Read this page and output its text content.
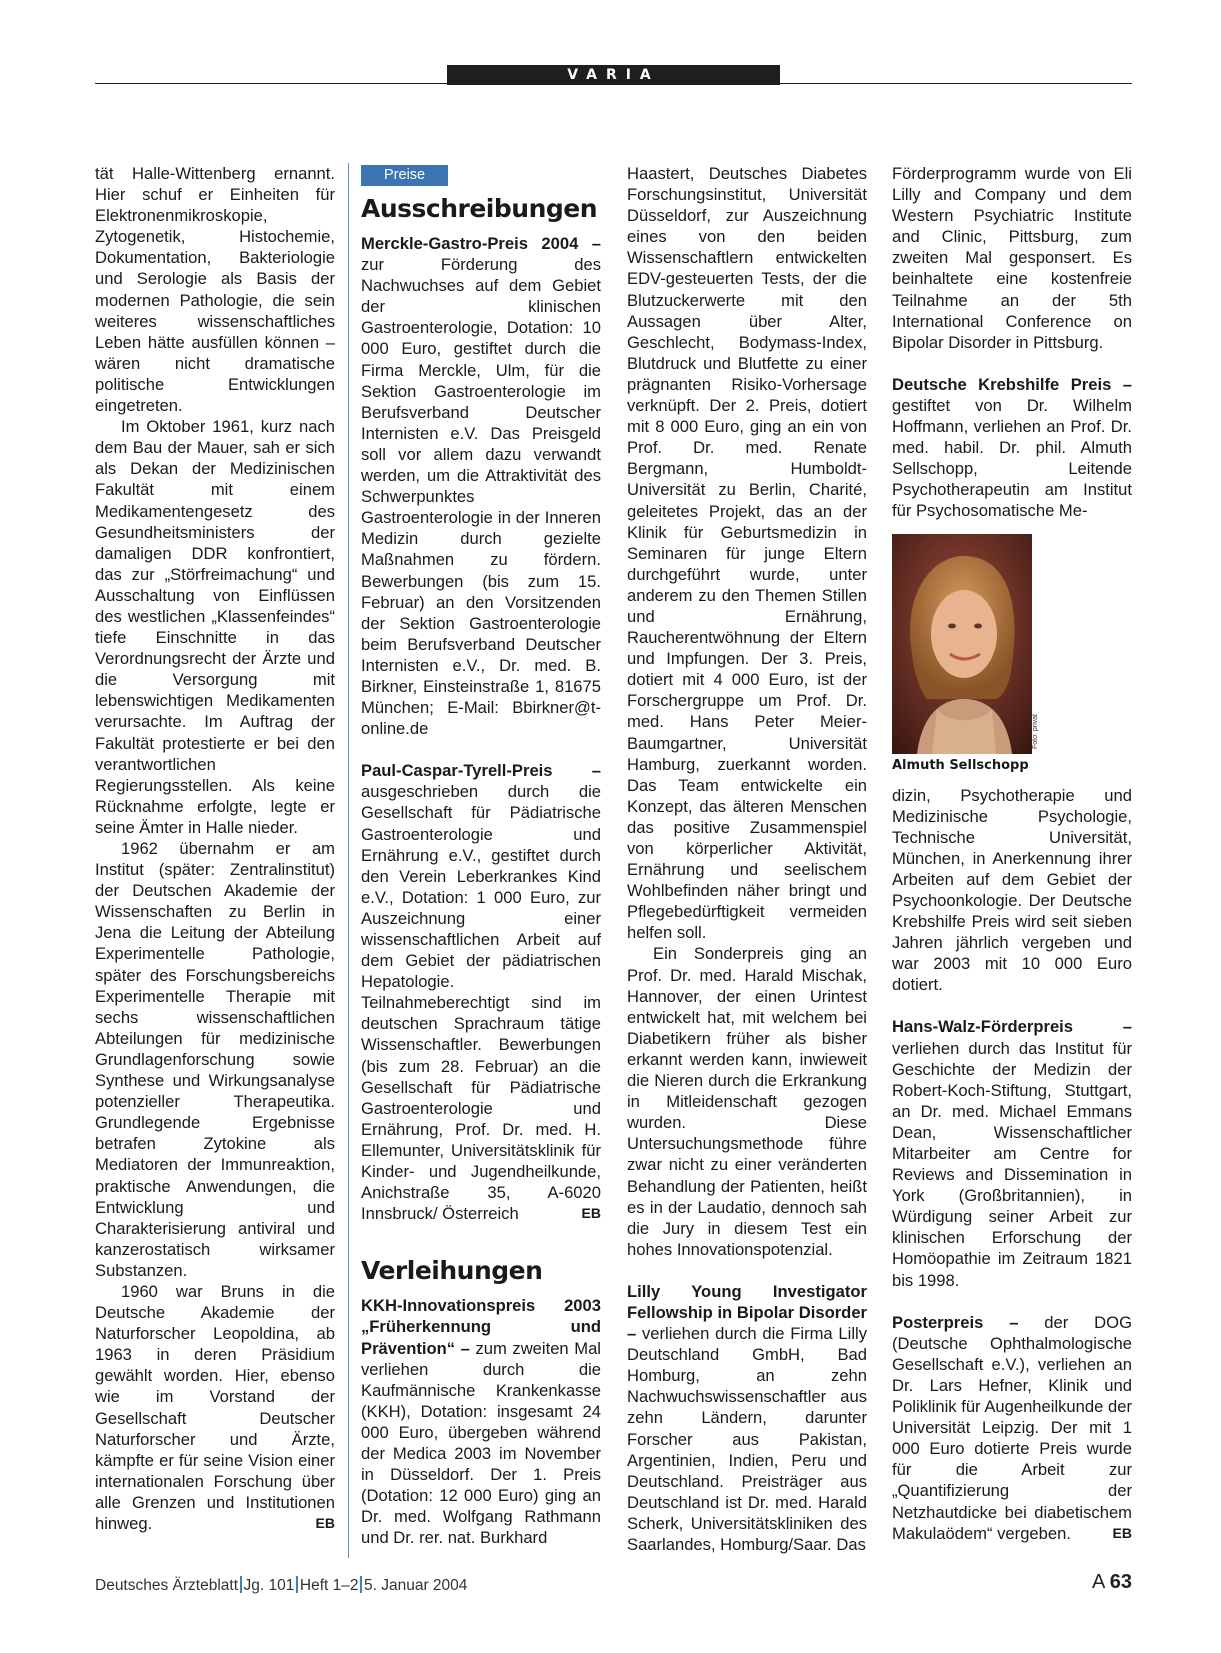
VARIA

tät Halle-Wittenberg ernannt. Hier schuf er Einheiten für Elektronenmikroskopie, Zytogenetik, Histochemie, Dokumentation, Bakteriologie und Serologie als Basis der modernen Pathologie, die sein weiteres wissenschaftliches Leben hätte ausfüllen können – wären nicht dramatische politische Entwicklungen eingetreten.

Im Oktober 1961, kurz nach dem Bau der Mauer, sah er sich als Dekan der Medizinischen Fakultät mit einem Medikamentengesetz des Gesundheitsministers der damaligen DDR konfrontiert, das zur „Störfreimachung“ und Ausschaltung von Einflüssen des westlichen „Klassenfeindes“ tiefe Einschnitte in das Verordnungsrecht der Ärzte und die Versorgung mit lebenswichtigen Medikamenten verursachte. Im Auftrag der Fakultät protestierte er bei den verantwortlichen Regierungsstellen. Als keine Rücknahme erfolgte, legte er seine Ämter in Halle nieder.

1962 übernahm er am Institut (später: Zentralinstitut) der Deutschen Akademie der Wissenschaften zu Berlin in Jena die Leitung der Abteilung Experimentelle Pathologie, später des Forschungsbereichs Experimentelle Therapie mit sechs wissenschaftlichen Abteilungen für medizinische Grundlagenforschung sowie Synthese und Wirkungsanalyse potenzieller Therapeutika. Grundlegende Ergebnisse betrafen Zytokine als Mediatoren der Immunreaktion, praktische Anwendungen, die Entwicklung und Charakterisierung antiviral und kanzerostatisch wirksamer Substanzen.

1960 war Bruns in die Deutsche Akademie der Naturforscher Leopoldina, ab 1963 in deren Präsidium gewählt worden. Hier, ebenso wie im Vorstand der Gesellschaft Deutscher Naturforscher und Ärzte, kämpfte er für seine Vision einer internationalen Forschung über alle Grenzen und Institutionen hinweg.	EB

Preise
Ausschreibungen

Merckle-Gastro-Preis 2004 – zur Förderung des Nachwuchses auf dem Gebiet der klinischen Gastroenterologie, Dotation: 10 000 Euro, gestiftet durch die Firma Merckle, Ulm, für die Sektion Gastroenterologie im Berufsverband Deutscher Internisten e.V. Das Preisgeld soll vor allem dazu verwandt werden, um die Attraktivität des Schwerpunktes Gastroenterologie in der Inneren Medizin durch gezielte Maßnahmen zu fördern. Bewerbungen (bis zum 15. Februar) an den Vorsitzenden der Sektion Gastroenterologie beim Berufsverband Deutscher Internisten e.V., Dr. med. B. Birkner, Einsteinstraße 1, 81675 München; E-Mail: Bbirkner@t-online.de

Paul-Caspar-Tyrell-Preis – ausgeschrieben durch die Gesellschaft für Pädiatrische Gastroenterologie und Ernährung e.V., gestiftet durch den Verein Leberkrankes Kind e.V., Dotation: 1 000 Euro, zur Auszeichnung einer wissenschaftlichen Arbeit auf dem Gebiet der pädiatrischen Hepatologie. Teilnahmeberechtigt sind im deutschen Sprachraum tätige Wissenschaftler. Bewerbungen (bis zum 28. Februar) an die Gesellschaft für Pädiatrische Gastroenterologie und Ernährung, Prof. Dr. med. H. Ellemunter, Universitätsklinik für Kinder- und Jugendheilkunde, Anichstraße 35, A-6020 Innsbruck/ Österreich	EB

Verleihungen

KKH-Innovationspreis 2003 „Früherkennung und Prävention“ – zum zweiten Mal verliehen durch die Kaufmännische Krankenkasse (KKH), Dotation: insgesamt 24 000 Euro, übergeben während der Medica 2003 im November in Düsseldorf. Der 1. Preis (Dotation: 12 000 Euro) ging an Dr. med. Wolfgang Rathmann und Dr. rer. nat. Burkhard

Haastert, Deutsches Diabetes Forschungsinstitut, Universität Düsseldorf, zur Auszeichnung eines von den beiden Wissenschaftlern entwickelten EDV-gesteuerten Tests, der die Blutzuckerwerte mit den Aussagen über Alter, Geschlecht, Bodymass-Index, Blutdruck und Blutfette zu einer prägnanten Risiko-Vorhersage verknüpft. Der 2. Preis, dotiert mit 8 000 Euro, ging an ein von Prof. Dr. med. Renate Bergmann, Humboldt-Universität zu Berlin, Charité, geleitetes Projekt, das an der Klinik für Geburtsmedizin in Seminaren für junge Eltern durchgeführt wurde, unter anderem zu den Themen Stillen und Ernährung, Raucherentwöhnung der Eltern und Impfungen. Der 3. Preis, dotiert mit 4 000 Euro, ist der Forschergruppe um Prof. Dr. med. Hans Peter Meier-Baumgartner, Universität Hamburg, zuerkannt worden. Das Team entwickelte ein Konzept, das älteren Menschen das positive Zusammenspiel von körperlicher Aktivität, Ernährung und seelischem Wohlbefinden näher bringt und Pflegebedürftigkeit vermeiden helfen soll.

Ein Sonderpreis ging an Prof. Dr. med. Harald Mischak, Hannover, der einen Urintest entwickelt hat, mit welchem bei Diabetikern früher als bisher erkannt werden kann, inwieweit die Nieren durch die Erkrankung in Mitleidenschaft gezogen wurden. Diese Untersuchungsmethode führe zwar nicht zu einer veränderten Behandlung der Patienten, heißt es in der Laudatio, dennoch sah die Jury in diesem Test ein hohes Innovationspotenzial.

Lilly Young Investigator Fellowship in Bipolar Disorder – verliehen durch die Firma Lilly Deutschland GmbH, Bad Homburg, an zehn Nachwuchswissenschaftler aus zehn Ländern, darunter Forscher aus Pakistan, Argentinien, Indien, Peru und Deutschland. Preisträger aus Deutschland ist Dr. med. Harald Scherk, Universitätskliniken des Saarlandes, Homburg/Saar. Das

Förderprogramm wurde von Eli Lilly and Company und dem Western Psychiatric Institute and Clinic, Pittsburg, zum zweiten Mal gesponsert. Es beinhaltete eine kostenfreie Teilnahme an der 5th International Conference on Bipolar Disorder in Pittsburg.

Deutsche Krebshilfe Preis – gestiftet von Dr. Wilhelm Hoffmann, verliehen an Prof. Dr. med. habil. Dr. phil. Almuth Sellschopp, Leitende Psychotherapeutin am Institut für Psychosomatische Me-

Foto: privat
Almuth Sellschopp

dizin, Psychotherapie und Medizinische Psychologie, Technische Universität, München, in Anerkennung ihrer Arbeiten auf dem Gebiet der Psychoonkologie. Der Deutsche Krebshilfe Preis wird seit sieben Jahren jährlich vergeben und war 2003 mit 10 000 Euro dotiert.

Hans-Walz-Förderpreis – verliehen durch das Institut für Geschichte der Medizin der Robert-Koch-Stiftung, Stuttgart, an Dr. med. Michael Emmans Dean, Wissenschaftlicher Mitarbeiter am Centre for Reviews and Dissemination in York (Großbritannien), in Würdigung seiner Arbeit zur klinischen Erforschung der Homöopathie im Zeitraum 1821 bis 1998.

Posterpreis – der DOG (Deutsche Ophthalmologische Gesellschaft e.V.), verliehen an Dr. Lars Hefner, Klinik und Poliklinik für Augenheilkunde der Universität Leipzig. Der mit 1 000 Euro dotierte Preis wurde für die Arbeit zur „Quantifizierung der Netzhautdicke bei diabetischem Makulaödem“ vergeben.	EB

Deutsches Ärzteblatt Jg. 101 Heft 1–2 5. Januar 2004	A 63
